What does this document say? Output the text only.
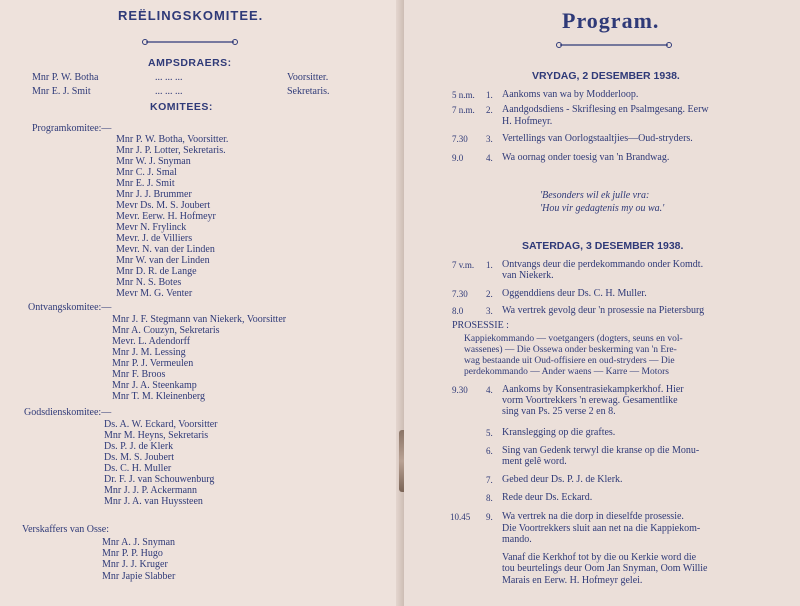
REËLINGSKOMITEE.
AMPSDRAERS:
Mnr P. W. Botha	... ... ...	Voorsitter.
Mnr E. J. Smit	... ... ...	Sekretaris.
KOMITEES:
Programkomitee:—
Mnr P. W. Botha, Voorsitter.
Mnr J. P. Lotter, Sekretaris.
Mnr W. J. Snyman
Mnr C. J. Smal
Mnr E. J. Smit
Mnr J. J. Brummer
Mevr Ds. M. S. Joubert
Mevr. Eerw. H. Hofmeyr
Mevr N. Frylinck
Mevr. J. de Villiers
Mevr. N. van der Linden
Mnr W. van der Linden
Mnr D. R. de Lange
Mnr N. S. Botes
Mevr M. G. Venter
Ontvangskomitee:—
Mnr J. F. Stegmann van Niekerk, Voorsitter
Mnr A. Couzyn, Sekretaris
Mevr. L. Adendorff
Mnr J. M. Lessing
Mnr P. J. Vermeulen
Mnr F. Broos
Mnr J. A. Steenkamp
Mnr T. M. Kleinenberg
Godsdienskomitee:—
Ds. A. W. Eckard, Voorsitter
Mnr M. Heyns, Sekretaris
Ds. P. J. de Klerk
Ds. M. S. Joubert
Ds. C. H. Muller
Dr. F. J. van Schouwenburg
Mnr J. J. P. Ackermann
Mnr J. A. van Huyssteen
Verskaffers van Osse:
Mnr A. J. Snyman
Mnr P. P. Hugo
Mnr J. J. Kruger
Mnr Japie Slabber
Program.
VRYDAG, 2 DESEMBER 1938.
5 n.m. 1. Aankoms van wa by Modderloop.
7 n.m. 2. Aandgodsdiens - Skriflesing en Psalmgesang. Eerw
H. Hofmeyr.
7.30 3. Vertellings van Oorlogstaaltjies—Oud-stryders.
9.0	4. Wa oornag onder toesig van 'n Brandwag.
'Besonders wil ek julle vra:
'Hou vir gedagtenis my ou wa.'
SATERDAG, 3 DESEMBER 1938.
7 v.m. 1. Ontvangs deur die perdekommando onder Komdt.
van Niekerk.
7.30 2. Oggenddiens deur Ds. C. H. Muller.
8.0	3. Wa vertrek gevolg deur 'n prosessie na Pietersburg
PROSESSIE :
Kappiekommando — voetgangers (dogters, seuns en vol-
wassenes) — Die Ossewa onder beskerming van 'n Ere-
wag bestaande uit Oud-offisiere en oud-stryders — Die
perdekommando — Ander waens — Karre — Motors
9.30 4. Aankoms by Konsentrasiekampkerkhof. Hier
vorm Voortrekkers 'n erewag. Gesamentlike
sing van Ps. 25 verse 2 en 8.
5. Kranslegging op die graftes.
6. Sing van Gedenk terwyl die kranse op die Monu-
ment gelê word.
7. Gebed deur Ds. P. J. de Klerk.
8. Rede deur Ds. Eckard.
10.45 9. Wa vertrek na die dorp in dieselfde prosessie.
Die Voortrekkers sluit aan net na die Kappiekom-
mando.
Vanaf die Kerkhof tot by die ou Kerkie word die
tou beurtelings deur Oom Jan Snyman, Oom Willie
Marais en Eerw. H. Hofmeyr gelei.
